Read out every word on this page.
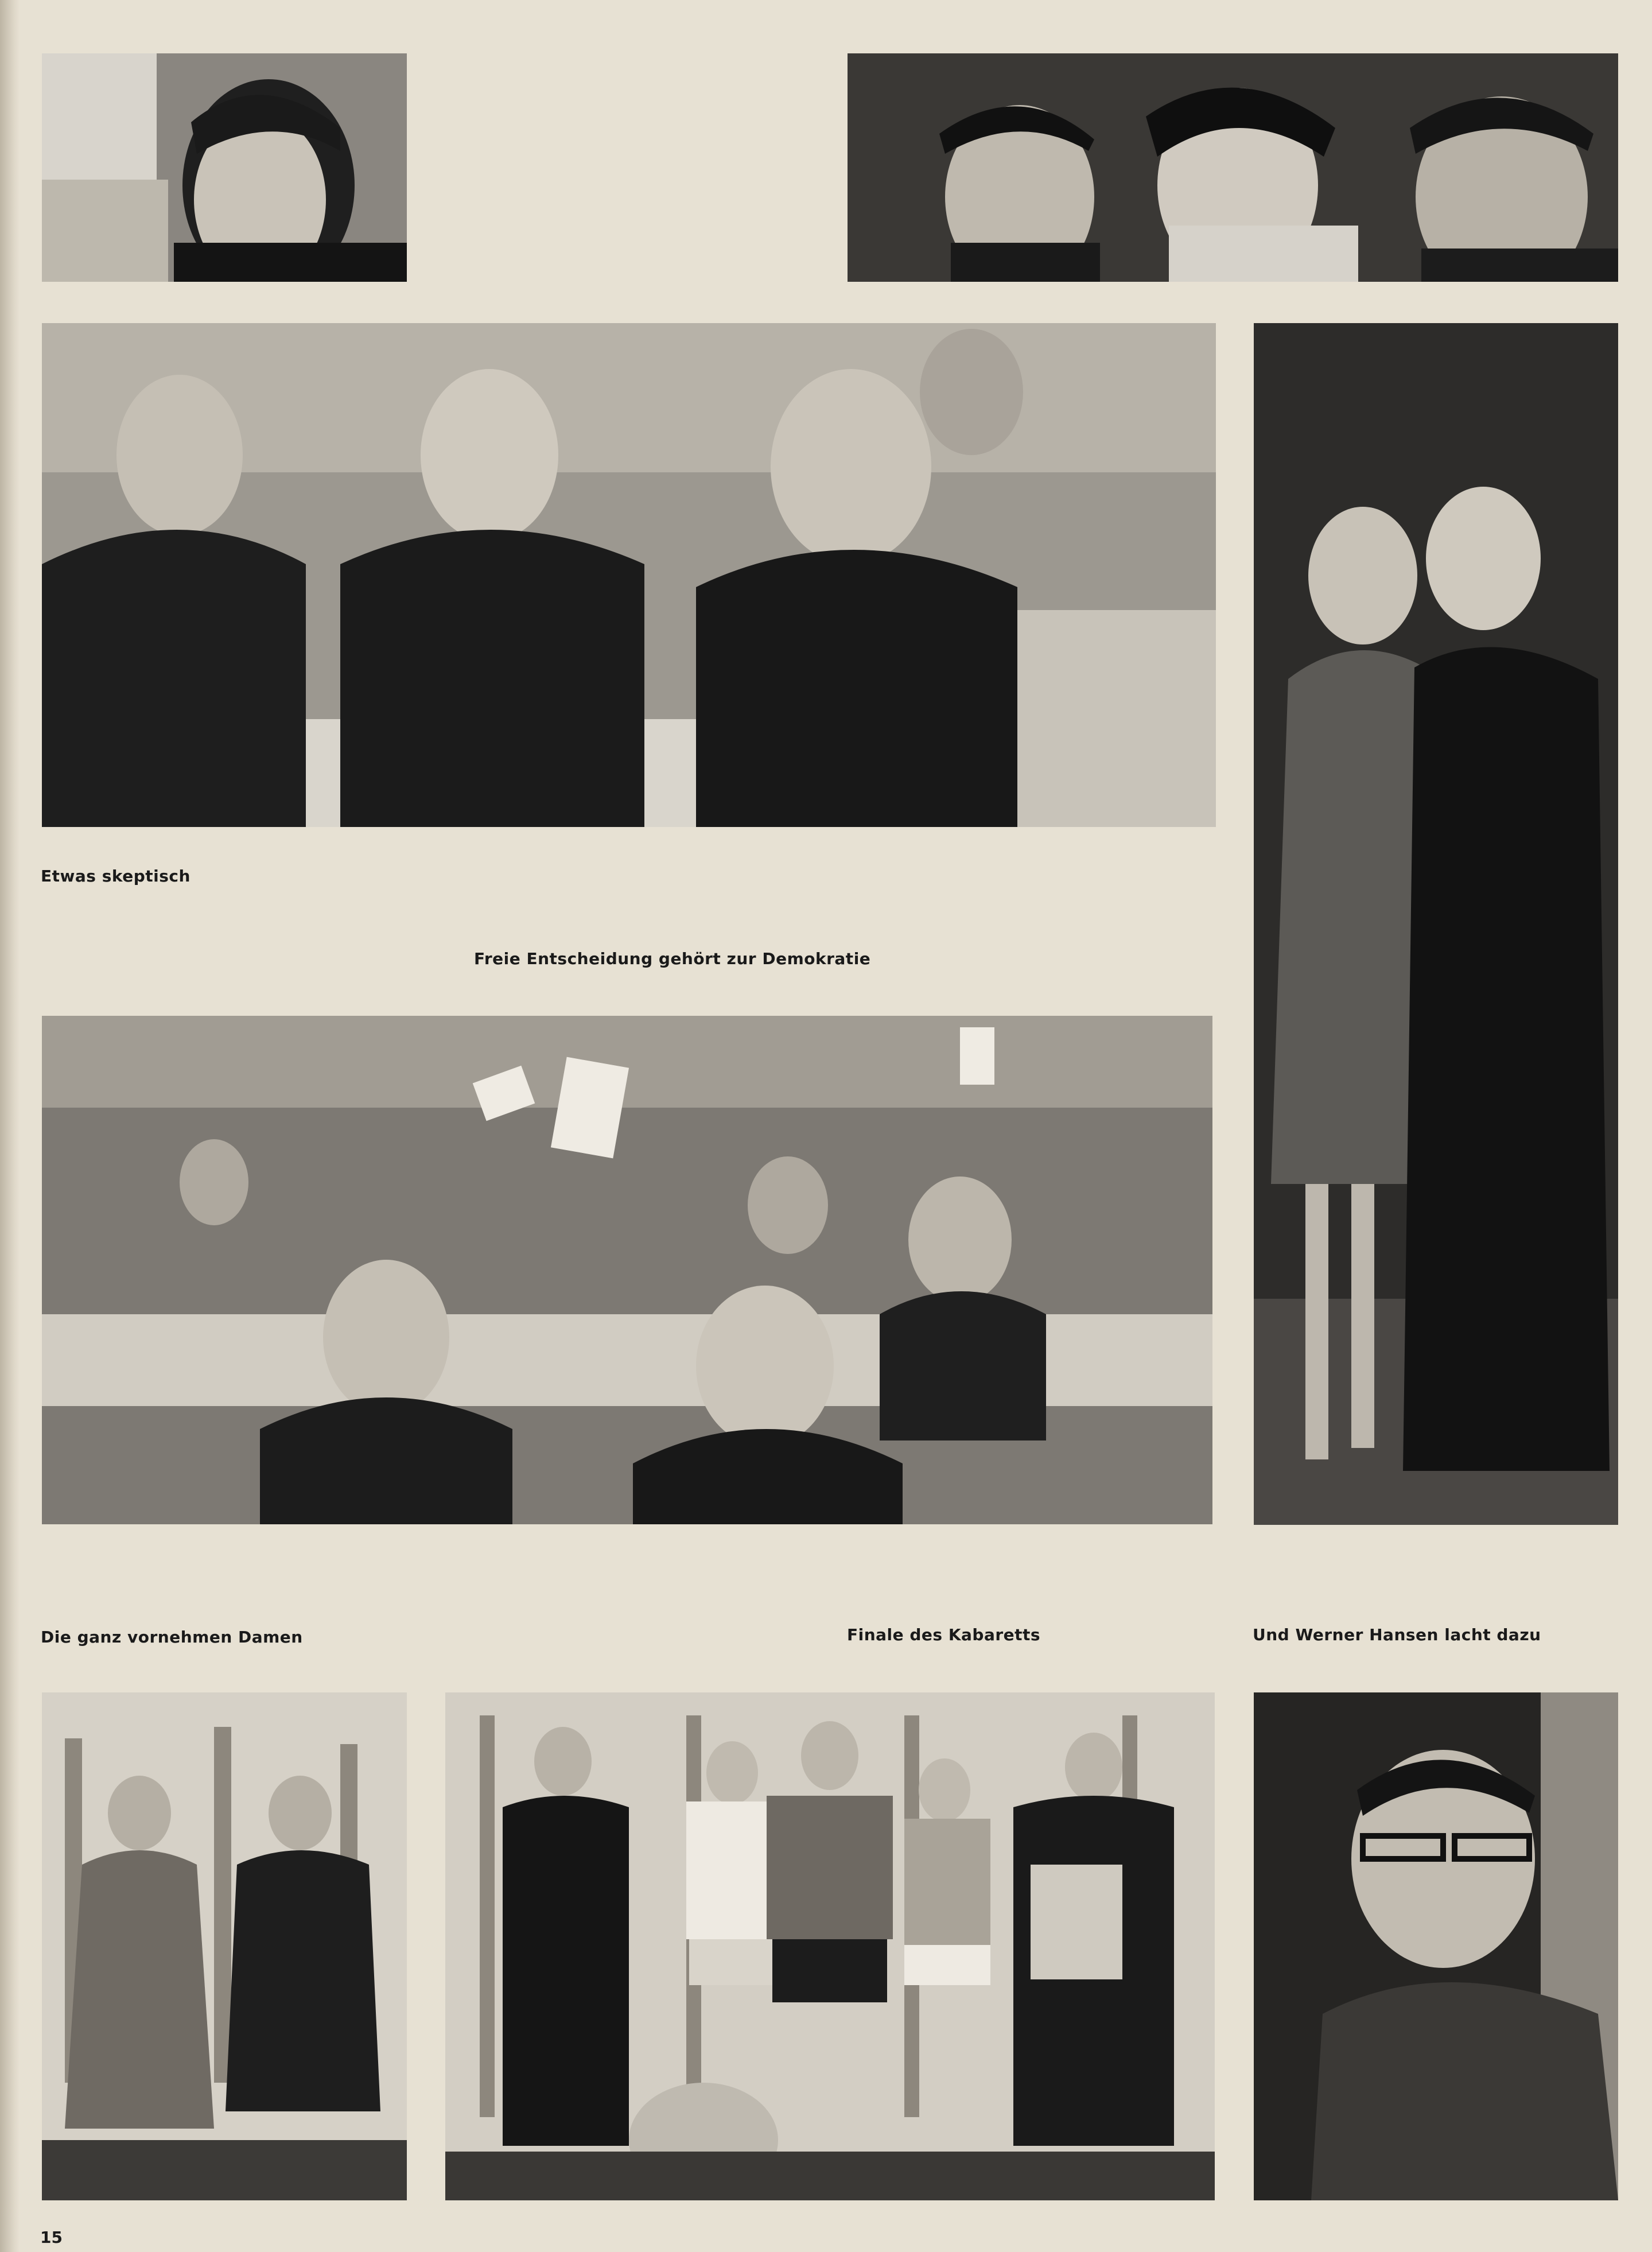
Etwas skeptisch
Freie Entscheidung gehört zur Demokratie
Die ganz vornehmen Damen	Finale des Kabaretts	Und Werner Hansen lacht dazu
15
